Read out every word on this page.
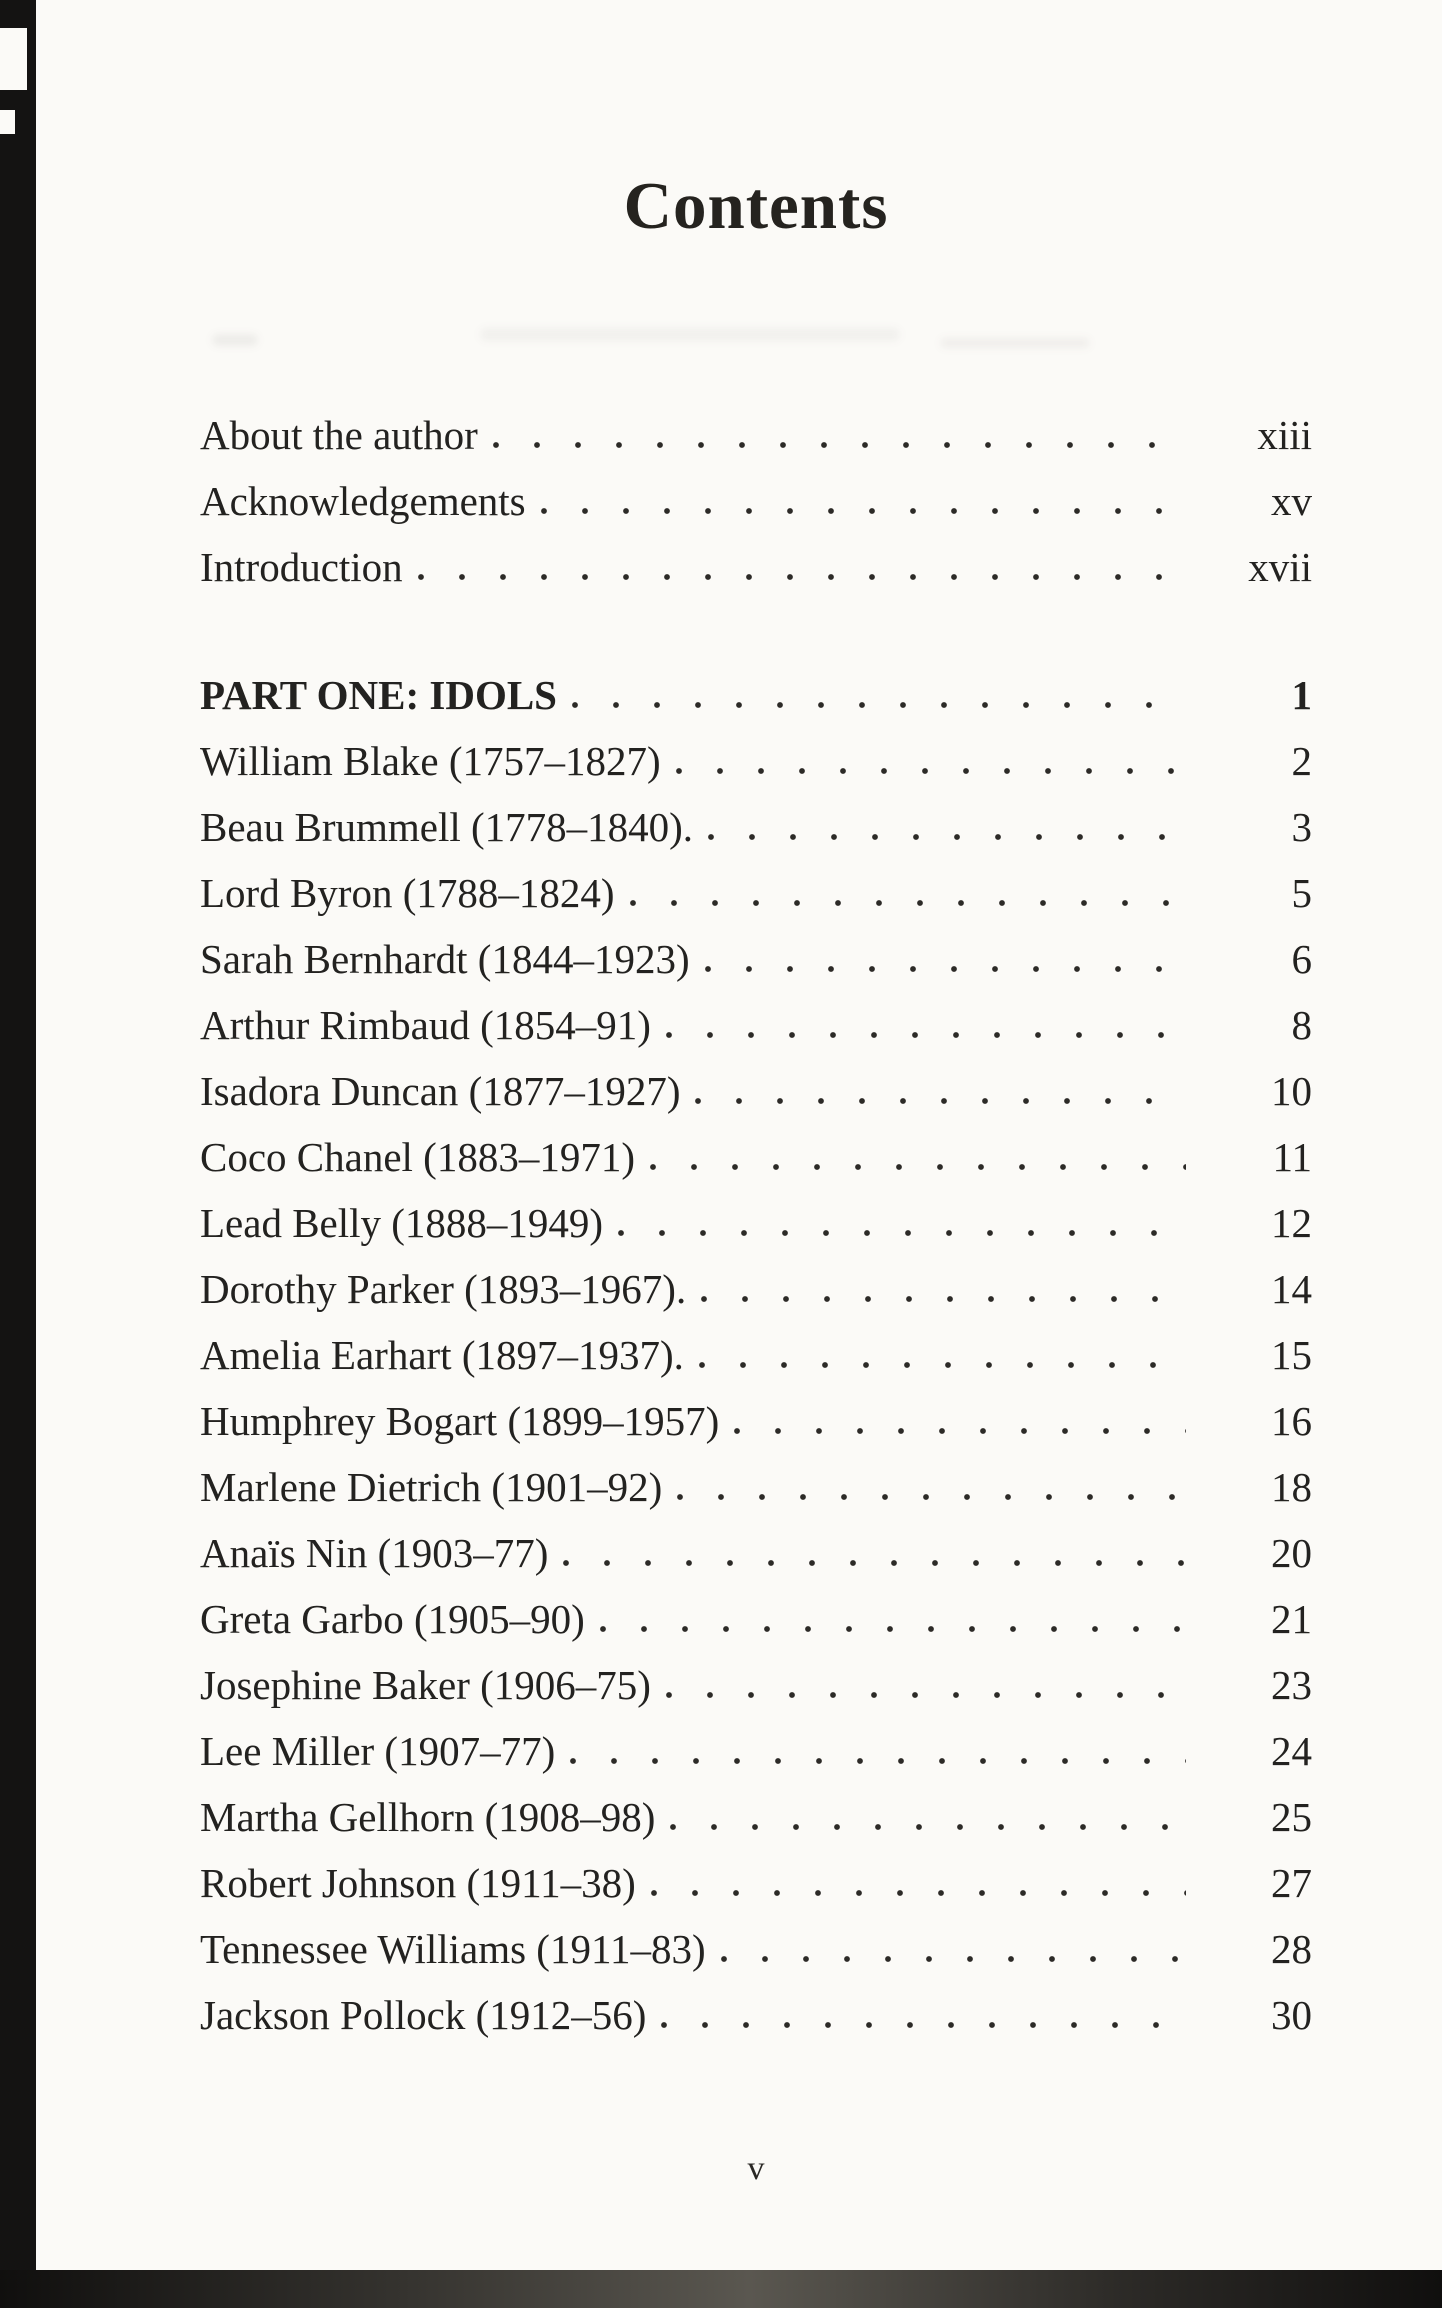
Contents
About the author	xiii
Acknowledgements	xv
Introduction	xvii
PART ONE: IDOLS	1
William Blake (1757–1827)	2
Beau Brummell (1778–1840).	3
Lord Byron (1788–1824)	5
Sarah Bernhardt (1844–1923)	6
Arthur Rimbaud (1854–91)	8
Isadora Duncan (1877–1927)	10
Coco Chanel (1883–1971)	11
Lead Belly (1888–1949)	12
Dorothy Parker (1893–1967).	14
Amelia Earhart (1897–1937).	15
Humphrey Bogart (1899–1957)	16
Marlene Dietrich (1901–92)	18
Anaïs Nin (1903–77)	20
Greta Garbo (1905–90)	21
Josephine Baker (1906–75)	23
Lee Miller (1907–77)	24
Martha Gellhorn (1908–98)	25
Robert Johnson (1911–38)	27
Tennessee Williams (1911–83)	28
Jackson Pollock (1912–56)	30
v
